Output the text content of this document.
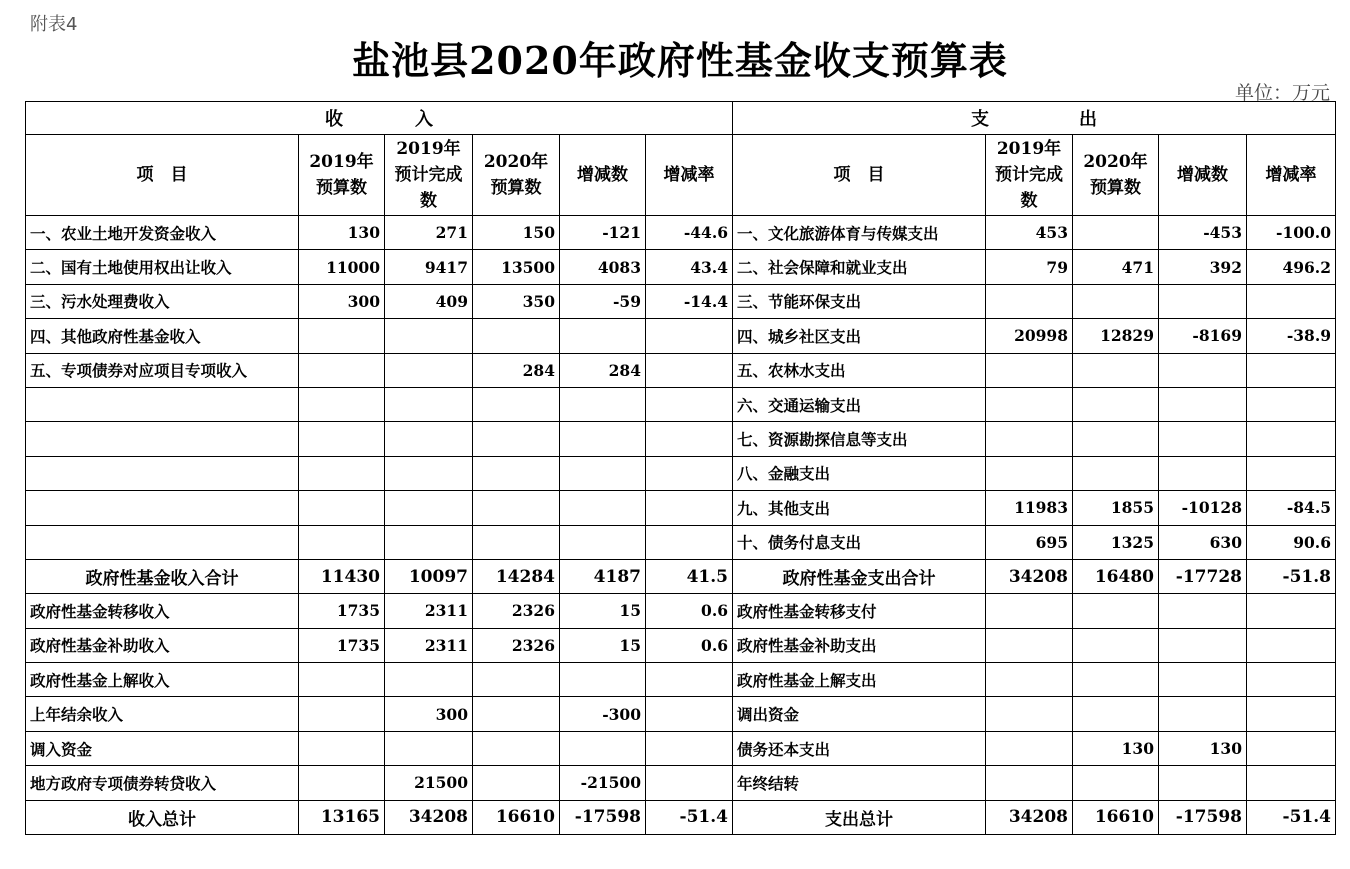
附表4
盐池县2020年政府性基金收支预算表
单位：万元
收　　　　入						支　　　　　出				
项　目	2019年预算数	2019年预计完成数	2020年预算数	增减数	增减率	项　目	2019年预计完成数	2020年预算数	增减数	增减率
一、农业土地开发资金收入	130	271	150	-121	-44.6	一、文化旅游体育与传媒支出	453		-453	-100.0
二、国有土地使用权出让收入	11000	9417	13500	4083	43.4	二、社会保障和就业支出	79	471	392	496.2
三、污水处理费收入	300	409	350	-59	-14.4	三、节能环保支出				
四、其他政府性基金收入						四、城乡社区支出	20998	12829	-8169	-38.9
五、专项债券对应项目专项收入			284	284		五、农林水支出				
						六、交通运输支出				
						七、资源勘探信息等支出				
						八、金融支出				
						九、其他支出	11983	1855	-10128	-84.5
						十、债务付息支出	695	1325	630	90.6
政府性基金收入合计	11430	10097	14284	4187	41.5	政府性基金支出合计	34208	16480	-17728	-51.8
政府性基金转移收入	1735	2311	2326	15	0.6	政府性基金转移支付				
政府性基金补助收入	1735	2311	2326	15	0.6	政府性基金补助支出				
政府性基金上解收入						政府性基金上解支出				
上年结余收入		300		-300		调出资金				
调入资金						债务还本支出		130	130	
地方政府专项债券转贷收入		21500		-21500		年终结转				
收入总计	13165	34208	16610	-17598	-51.4	支出总计	34208	16610	-17598	-51.4
